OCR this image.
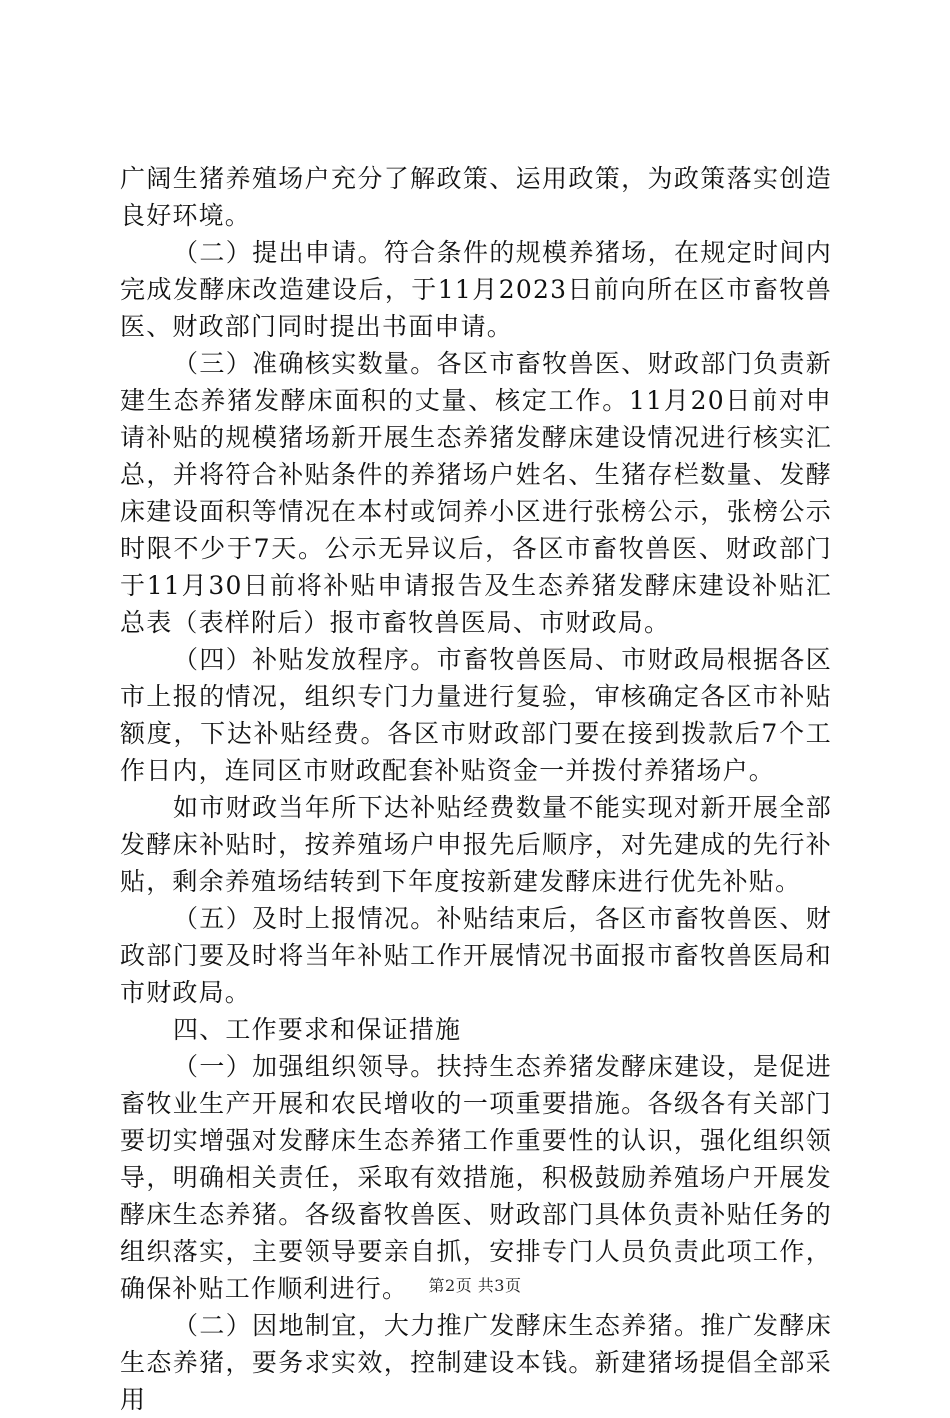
广阔生猪养殖场户充分了解政策、运用政策，为政策落实创造良好环境。

（二）提出申请。符合条件的规模养猪场，在规定时间内完成发酵床改造建设后，于11月2023日前向所在区市畜牧兽医、财政部门同时提出书面申请。

（三）准确核实数量。各区市畜牧兽医、财政部门负责新建生态养猪发酵床面积的丈量、核定工作。11月20日前对申请补贴的规模猪场新开展生态养猪发酵床建设情况进行核实汇总，并将符合补贴条件的养猪场户姓名、生猪存栏数量、发酵床建设面积等情况在本村或饲养小区进行张榜公示，张榜公示时限不少于7天。公示无异议后，各区市畜牧兽医、财政部门于11月30日前将补贴申请报告及生态养猪发酵床建设补贴汇总表（表样附后）报市畜牧兽医局、市财政局。

（四）补贴发放程序。市畜牧兽医局、市财政局根据各区市上报的情况，组织专门力量进行复验，审核确定各区市补贴额度，下达补贴经费。各区市财政部门要在接到拨款后7个工作日内，连同区市财政配套补贴资金一并拨付养猪场户。

如市财政当年所下达补贴经费数量不能实现对新开展全部发酵床补贴时，按养殖场户申报先后顺序，对先建成的先行补贴，剩余养殖场结转到下年度按新建发酵床进行优先补贴。

（五）及时上报情况。补贴结束后，各区市畜牧兽医、财政部门要及时将当年补贴工作开展情况书面报市畜牧兽医局和市财政局。

四、工作要求和保证措施

（一）加强组织领导。扶持生态养猪发酵床建设，是促进畜牧业生产开展和农民增收的一项重要措施。各级各有关部门要切实增强对发酵床生态养猪工作重要性的认识，强化组织领导，明确相关责任，采取有效措施，积极鼓励养殖场户开展发酵床生态养猪。各级畜牧兽医、财政部门具体负责补贴任务的组织落实，主要领导要亲自抓，安排专门人员负责此项工作，确保补贴工作顺利进行。

（二）因地制宜，大力推广发酵床生态养猪。推广发酵床生态养猪，要务求实效，控制建设本钱。新建猪场提倡全部采用

第2页 共3页
